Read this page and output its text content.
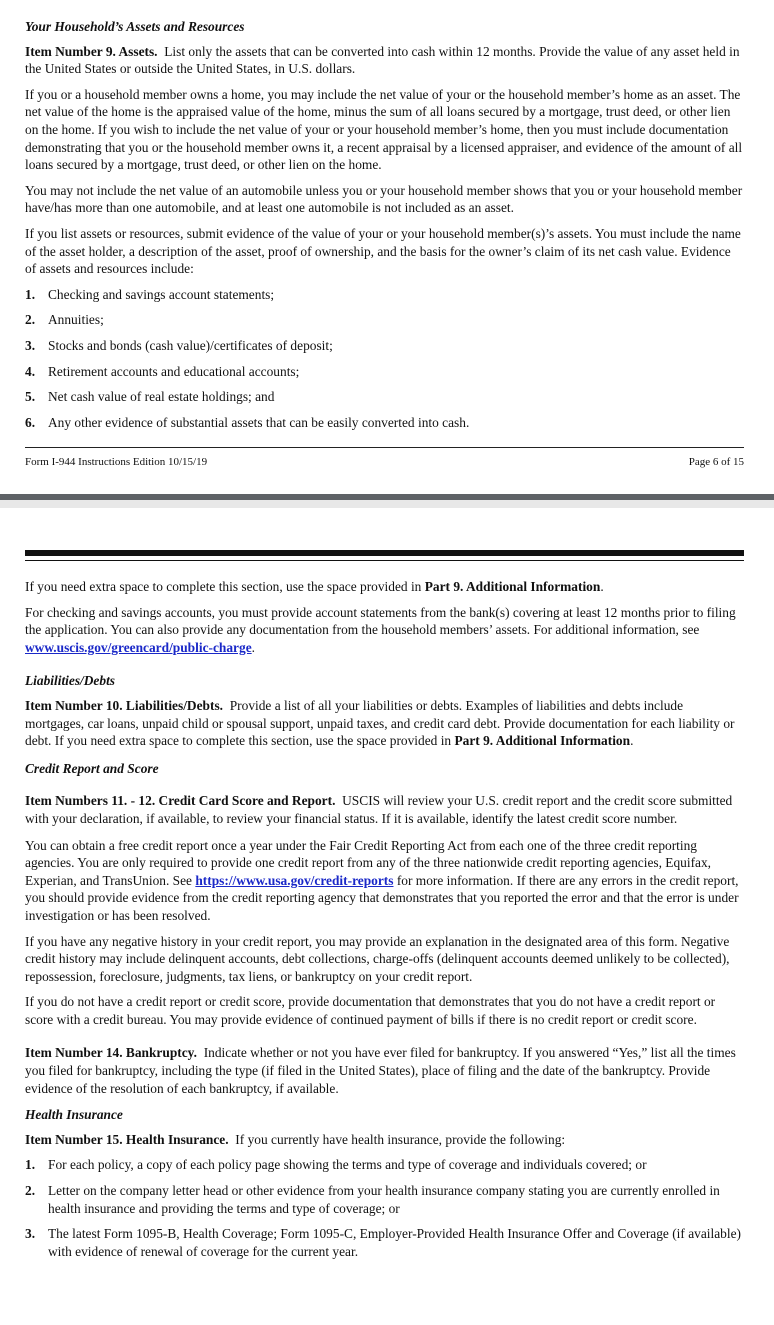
Your Household’s Assets and Resources

Item Number 9. Assets. List only the assets that can be converted into cash within 12 months. Provide the value of any asset held in the United States or outside the United States, in U.S. dollars.

If you or a household member owns a home, you may include the net value of your or the household member’s home as an asset. The net value of the home is the appraised value of the home, minus the sum of all loans secured by a mortgage, trust deed, or other lien on the home. If you wish to include the net value of your or your household member’s home, then you must include documentation demonstrating that you or the household member owns it, a recent appraisal by a licensed appraiser, and evidence of the amount of all loans secured by a mortgage, trust deed, or other lien on the home.

You may not include the net value of an automobile unless you or your household member shows that you or your household member have/has more than one automobile, and at least one automobile is not included as an asset.

If you list assets or resources, submit evidence of the value of your or your household member(s)’s assets. You must include the name of the asset holder, a description of the asset, proof of ownership, and the basis for the owner’s claim of its net cash value. Evidence of assets and resources include:

1. Checking and savings account statements;
2. Annuities;
3. Stocks and bonds (cash value)/certificates of deposit;
4. Retirement accounts and educational accounts;
5. Net cash value of real estate holdings; and
6. Any other evidence of substantial assets that can be easily converted into cash.
Form I-944 Instructions Edition 10/15/19	Page 6 of 15

If you need extra space to complete this section, use the space provided in Part 9. Additional Information.

For checking and savings accounts, you must provide account statements from the bank(s) covering at least 12 months prior to filing the application. You can also provide any documentation from the household members’ assets. For additional information, see www.uscis.gov/greencard/public-charge.

Liabilities/Debts

Item Number 10. Liabilities/Debts. Provide a list of all your liabilities or debts. Examples of liabilities and debts include mortgages, car loans, unpaid child or spousal support, unpaid taxes, and credit card debt. Provide documentation for each liability or debt. If you need extra space to complete this section, use the space provided in Part 9. Additional Information.

Credit Report and Score

Item Numbers 11. - 12. Credit Card Score and Report. USCIS will review your U.S. credit report and the credit score submitted with your declaration, if available, to review your financial status. If it is available, identify the latest credit score number.

You can obtain a free credit report once a year under the Fair Credit Reporting Act from each one of the three credit reporting agencies. You are only required to provide one credit report from any of the three nationwide credit reporting agencies, Equifax, Experian, and TransUnion. See https://www.usa.gov/credit-reports for more information. If there are any errors in the credit report, you should provide evidence from the credit reporting agency that demonstrates that you reported the error and that the error is under investigation or has been resolved.

If you have any negative history in your credit report, you may provide an explanation in the designated area of this form. Negative credit history may include delinquent accounts, debt collections, charge-offs (delinquent accounts deemed unlikely to be collected), repossession, foreclosure, judgments, tax liens, or bankruptcy on your credit report.

If you do not have a credit report or credit score, provide documentation that demonstrates that you do not have a credit report or score with a credit bureau. You may provide evidence of continued payment of bills if there is no credit report or credit score.

Item Number 14. Bankruptcy. Indicate whether or not you have ever filed for bankruptcy. If you answered “Yes,” list all the times you filed for bankruptcy, including the type (if filed in the United States), place of filing and the date of the bankruptcy. Provide evidence of the resolution of each bankruptcy, if available.

Health Insurance

Item Number 15. Health Insurance. If you currently have health insurance, provide the following:

1. For each policy, a copy of each policy page showing the terms and type of coverage and individuals covered; or
2. Letter on the company letter head or other evidence from your health insurance company stating you are currently enrolled in health insurance and providing the terms and type of coverage; or
3. The latest Form 1095-B, Health Coverage; Form 1095-C, Employer-Provided Health Insurance Offer and Coverage (if available) with evidence of renewal of coverage for the current year.
